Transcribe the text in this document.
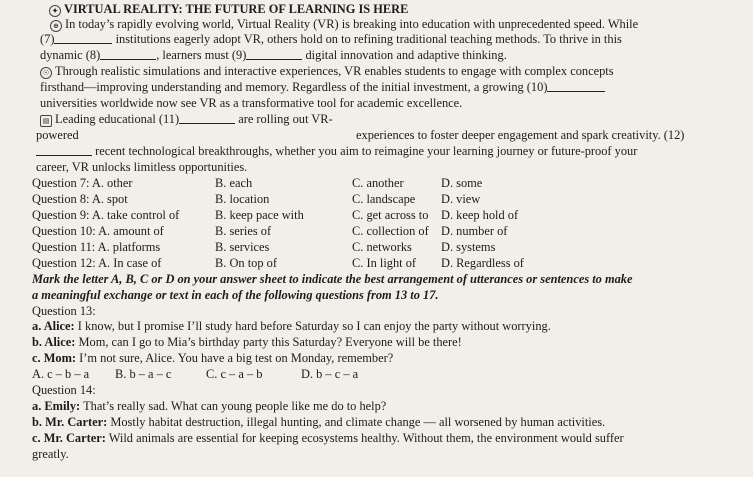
✦ VIRTUAL REALITY: THE FUTURE OF LEARNING IS HERE
⊕ In today’s rapidly evolving world, Virtual Reality (VR) is breaking into education with unprecedented speed. While
(7)	institutions eagerly adopt VR, others hold on to refining traditional teaching methods. To thrive in this
dynamic (8)	, learners must (9)	digital innovation and adaptive thinking.
☉ Through realistic simulations and interactive experiences, VR enables students to engage with complex concepts
firsthand—improving understanding and memory. Regardless of the initial investment, a growing (10)
universities worldwide now see VR as a transformative tool for academic excellence.
▤ Leading educational (11)	are rolling out VR-
powered	experiences to foster deeper engagement and spark creativity. (12)
recent technological breakthroughs, whether you aim to reimagine your learning journey or future-proof your
career, VR unlocks limitless opportunities.
Question 7: A. other	B. each	C. another	D. some
Question 8: A. spot	B. location	C. landscape D. view
Question 9: A. take control of	B. keep pace with	C. get across to D. keep hold of
Question 10: A. amount of	B. series of	C. collection of D. number of
Question 11: A. platforms	B. services	C. networks D. systems
Question 12: A. In case of	B. On top of	C. In light of D. Regardless of
Mark the letter A, B, C or D on your answer sheet to indicate the best arrangement of utterances or sentences to make
a meaningful exchange or text in each of the following questions from 13 to 17.
Question 13:
a. Alice: I know, but I promise I’ll study hard before Saturday so I can enjoy the party without worrying.
b. Alice: Mom, can I go to Mia’s birthday party this Saturday? Everyone will be there!
c. Mom: I’m not sure, Alice. You have a big test on Monday, remember?
A. c – b – a B. b – a – c	C. c – a – b	D. b – c – a
Question 14:
a. Emily: That’s really sad. What can young people like me do to help?
b. Mr. Carter: Mostly habitat destruction, illegal hunting, and climate change — all worsened by human activities.
c. Mr. Carter: Wild animals are essential for keeping ecosystems healthy. Without them, the environment would suffer
greatly.
